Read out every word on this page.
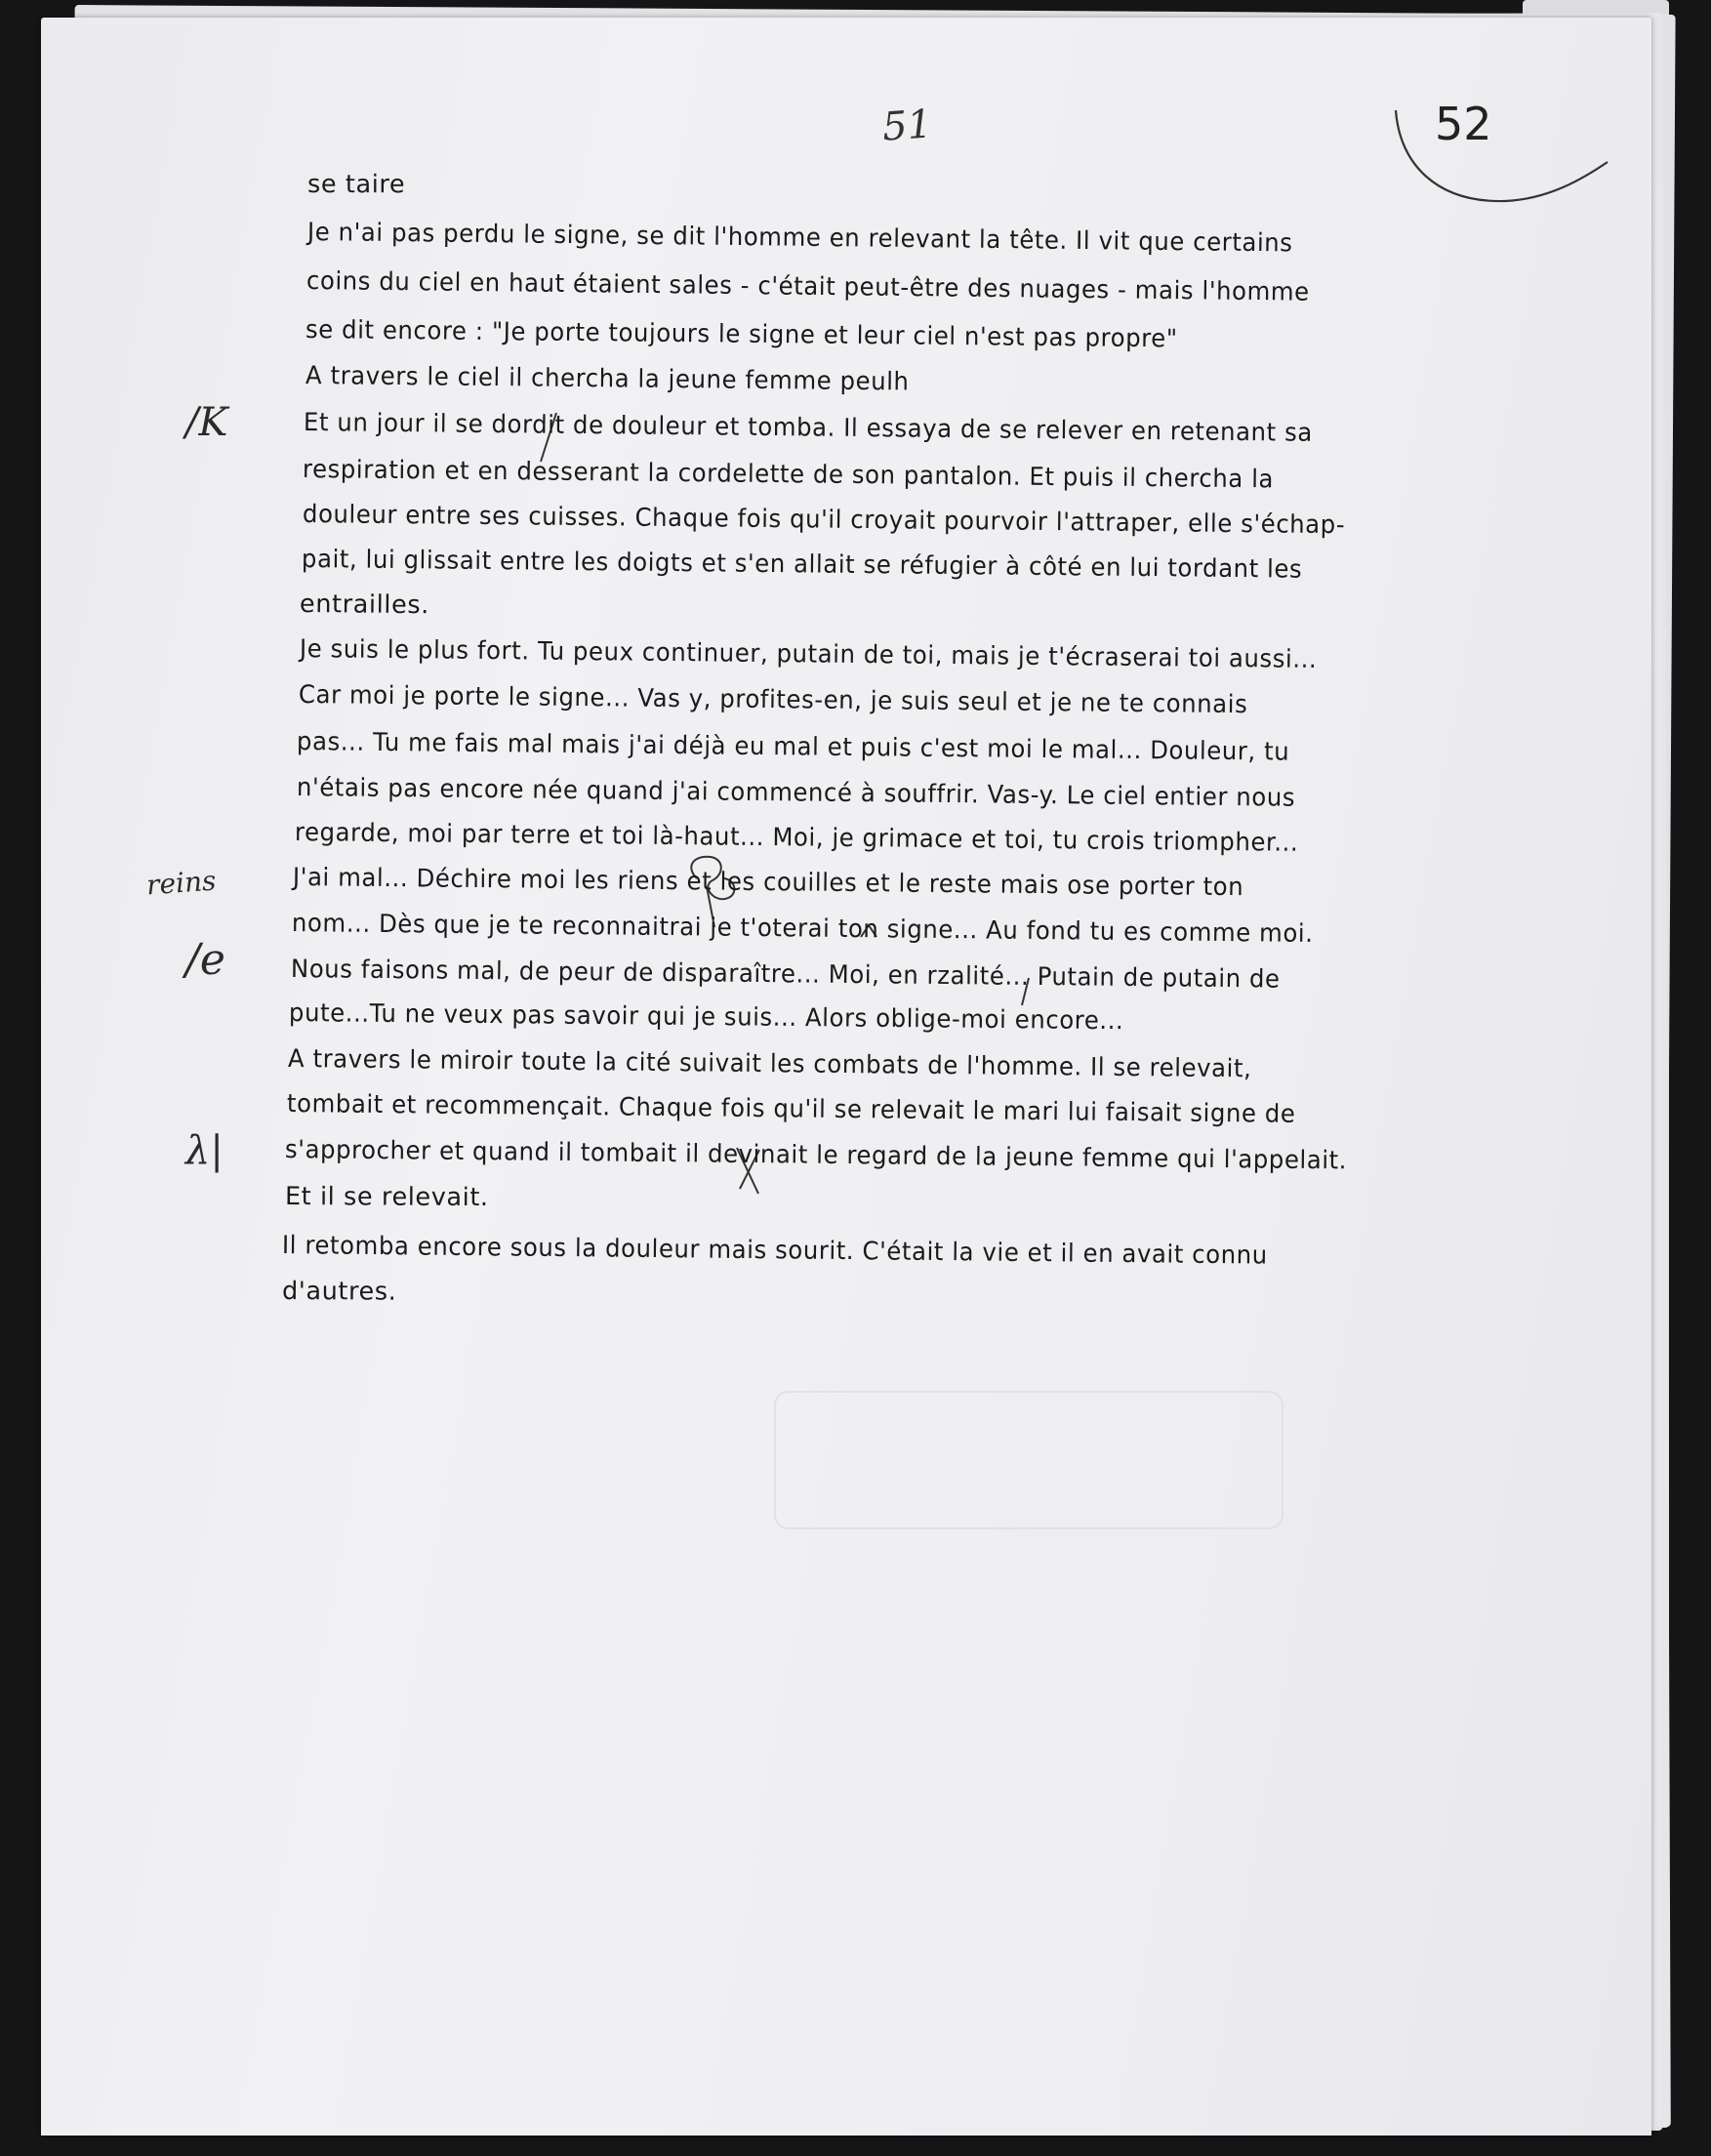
51	52
/K
reins
/e
λ|
se taire
Je n'ai pas perdu le signe, se dit l'homme en relevant la tête. Il vit que certains
coins du ciel en haut étaient sales - c'était peut-être des nuages - mais l'homme
se dit encore : "Je porte toujours le signe et leur ciel n'est pas propre"
A travers le ciel il chercha la jeune femme peulh
Et un jour il se dordit de douleur et tomba. Il essaya de se relever en retenant sa
respiration et en desserant la cordelette de son pantalon. Et puis il chercha la
douleur entre ses cuisses. Chaque fois qu'il croyait pourvoir l'attraper, elle s'échap-
pait, lui glissait entre les doigts et s'en allait se réfugier à côté en lui tordant les
entrailles.
Je suis le plus fort. Tu peux continuer, putain de toi, mais je t'écraserai toi aussi...
Car moi je porte le signe... Vas y, profites-en, je suis seul et je ne te connais
pas... Tu me fais mal mais j'ai déjà eu mal et puis c'est moi le mal... Douleur, tu
n'étais pas encore née quand j'ai commencé à souffrir. Vas-y. Le ciel entier nous
regarde, moi par terre et toi là-haut... Moi, je grimace et toi, tu crois triompher...
J'ai mal... Déchire moi les riens et les couilles et le reste mais ose porter ton
nom... Dès que je te reconnaitrai je t'oterai ton signe... Au fond tu es comme moi.
Nous faisons mal, de peur de disparaître... Moi, en rzalité... Putain de putain de
pute...Tu ne veux pas savoir qui je suis... Alors oblige-moi encore...
A travers le miroir toute la cité suivait les combats de l'homme. Il se relevait,
tombait et recommençait. Chaque fois qu'il se relevait le mari lui faisait signe de
s'approcher et quand il tombait il devinait le regard de la jeune femme qui l'appelait.
Et il se relevait.
Il retomba encore sous la douleur mais sourit. C'était la vie et il en avait connu
d'autres.
